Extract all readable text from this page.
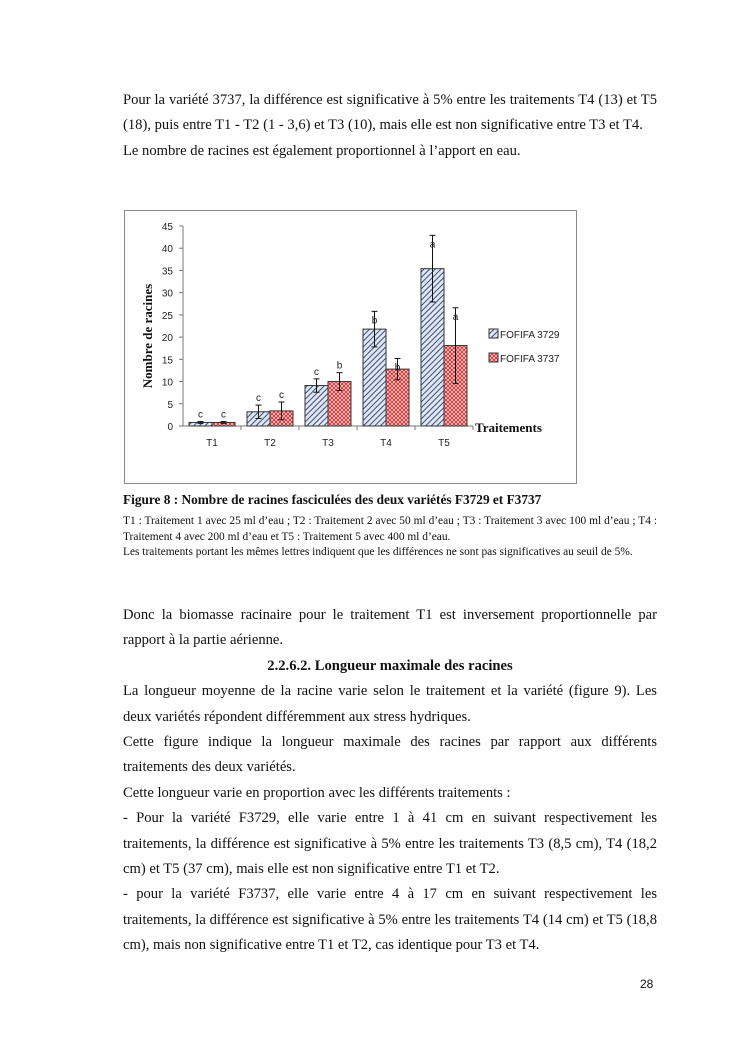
Pour la variété 3737, la différence est significative à 5% entre les traitements T4 (13) et T5 (18), puis entre T1 - T2 (1 - 3,6) et T3 (10), mais elle est non significative entre T3 et T4.

Le nombre de racines est également proportionnel à l’apport en eau.

0
5
10
15
20
25
30
35
40
45
T1
c c
T2
c c
T3
c
b
T4
b
b
T5
a
a
Nombre de racines
Traitements
FOFIFA 3729
FOFIFA 3737

Figure 8 : Nombre de racines fasciculées des deux variétés F3729 et F3737

T1 : Traitement 1 avec 25 ml d’eau ; T2 : Traitement 2 avec 50 ml d’eau ; T3 : Traitement 3 avec 100 ml d’eau ; T4 : Traitement 4 avec 200 ml d’eau et T5 : Traitement 5 avec 400 ml d’eau.

Les traitements portant les mêmes lettres indiquent que les différences ne sont pas significatives au seuil de 5%.

Donc la biomasse racinaire pour le traitement T1 est inversement proportionnelle par rapport à la partie aérienne.

2.2.6.2. Longueur maximale des racines

La longueur moyenne de la racine varie selon le traitement et la variété (figure 9). Les deux variétés répondent différemment aux stress hydriques.

Cette figure indique la longueur maximale des racines par rapport aux différents traitements des deux variétés.

Cette longueur varie en proportion avec les différents traitements :

- Pour la variété F3729, elle varie entre 1 à 41 cm en suivant respectivement les traitements, la différence est significative à 5% entre les traitements T3 (8,5 cm), T4 (18,2 cm) et T5 (37 cm), mais elle est non significative entre T1 et T2.

- pour la variété F3737, elle varie entre 4 à 17 cm en suivant respectivement les traitements, la différence est significative à 5% entre les traitements T4 (14 cm) et T5 (18,8 cm), mais non significative entre T1 et T2, cas identique pour T3 et T4.

28
